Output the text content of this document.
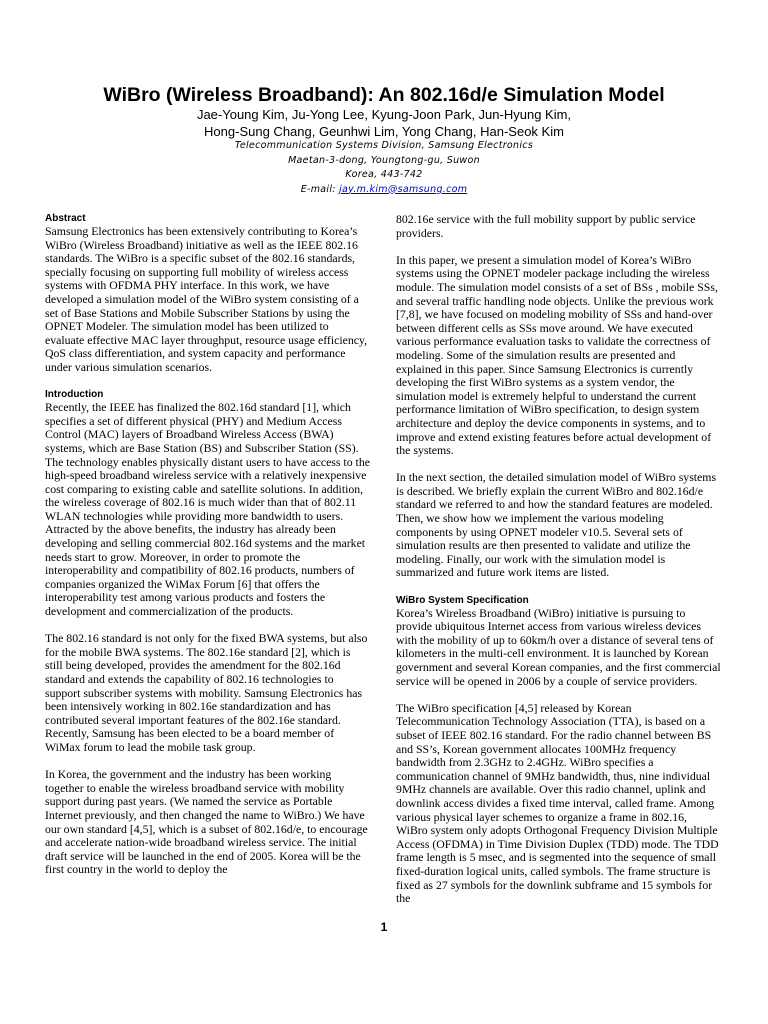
WiBro (Wireless Broadband): An 802.16d/e Simulation Model
Jae-Young Kim, Ju-Yong Lee, Kyung-Joon Park, Jun-Hyung Kim,
Hong-Sung Chang, Geunhwi Lim, Yong Chang, Han-Seok Kim
Telecommunication Systems Division, Samsung Electronics
Maetan-3-dong, Youngtong-gu, Suwon
Korea, 443-742
E-mail: jay.m.kim@samsung.com
Abstract

Samsung Electronics has been extensively contributing to Korea’s WiBro (Wireless Broadband) initiative as well as the IEEE 802.16 standards. The WiBro is a specific subset of the 802.16 standards, specially focusing on supporting full mobility of wireless access systems with OFDMA PHY interface. In this work, we have developed a simulation model of the WiBro system consisting of a set of Base Stations and Mobile Subscriber Stations by using the OPNET Modeler. The simulation model has been utilized to evaluate effective MAC layer throughput, resource usage efficiency, QoS class differentiation, and system capacity and performance under various simulation scenarios.

Introduction

Recently, the IEEE has finalized the 802.16d standard [1], which specifies a set of different physical (PHY) and Medium Access Control (MAC) layers of Broadband Wireless Access (BWA) systems, which are Base Station (BS) and Subscriber Station (SS). The technology enables physically distant users to have access to the high-speed broadband wireless service with a relatively inexpensive cost comparing to existing cable and satellite solutions. In addition, the wireless coverage of 802.16 is much wider than that of 802.11 WLAN technologies while providing more bandwidth to users. Attracted by the above benefits, the industry has already been developing and selling commercial 802.16d systems and the market needs start to grow. Moreover, in order to promote the interoperability and compatibility of 802.16 products, numbers of companies organized the WiMax Forum [6] that offers the interoperability test among various products and fosters the development and commercialization of the products.

The 802.16 standard is not only for the fixed BWA systems, but also for the mobile BWA systems. The 802.16e standard [2], which is still being developed, provides the amendment for the 802.16d standard and extends the capability of 802.16 technologies to support subscriber systems with mobility. Samsung Electronics has been intensively working in 802.16e standardization and has contributed several important features of the 802.16e standard. Recently, Samsung has been elected to be a board member of WiMax forum to lead the mobile task group.

In Korea, the government and the industry has been working together to enable the wireless broadband service with mobility support during past years. (We named the service as Portable Internet previously, and then changed the name to WiBro.) We have our own standard [4,5], which is a subset of 802.16d/e, to encourage and accelerate nation-wide broadband wireless service. The initial draft service will be launched in the end of 2005. Korea will be the first country in the world to deploy the

802.16e service with the full mobility support by public service providers.

In this paper, we present a simulation model of Korea’s WiBro systems using the OPNET modeler package including the wireless module. The simulation model consists of a set of BSs , mobile SSs, and several traffic handling node objects. Unlike the previous work [7,8], we have focused on modeling mobility of SSs and hand-over between different cells as SSs move around. We have executed various performance evaluation tasks to validate the correctness of modeling. Some of the simulation results are presented and explained in this paper. Since Samsung Electronics is currently developing the first WiBro systems as a system vendor, the simulation model is extremely helpful to understand the current performance limitation of WiBro specification, to design system architecture and deploy the device components in systems, and to improve and extend existing features before actual development of the systems.

In the next section, the detailed simulation model of WiBro systems is described. We briefly explain the current WiBro and 802.16d/e standard we referred to and how the standard features are modeled. Then, we show how we implement the various modeling components by using OPNET modeler v10.5. Several sets of simulation results are then presented to validate and utilize the modeling. Finally, our work with the simulation model is summarized and future work items are listed.

WiBro System Specification

Korea’s Wireless Broadband (WiBro) initiative is pursuing to provide ubiquitous Internet access from various wireless devices with the mobility of up to 60km/h over a distance of several tens of kilometers in the multi-cell environment. It is launched by Korean government and several Korean companies, and the first commercial service will be opened in 2006 by a couple of service providers.

The WiBro specification [4,5] released by Korean Telecommunication Technology Association (TTA), is based on a subset of IEEE 802.16 standard. For the radio channel between BS and SS’s, Korean government allocates 100MHz frequency bandwidth from 2.3GHz to 2.4GHz. WiBro specifies a communication channel of 9MHz bandwidth, thus, nine individual 9MHz channels are available. Over this radio channel, uplink and downlink access divides a fixed time interval, called frame. Among various physical layer schemes to organize a frame in 802.16, WiBro system only adopts Orthogonal Frequency Division Multiple Access (OFDMA) in Time Division Duplex (TDD) mode. The TDD frame length is 5 msec, and is segmented into the sequence of small fixed-duration logical units, called symbols. The frame structure is fixed as 27 symbols for the downlink subframe and 15 symbols for the

1
